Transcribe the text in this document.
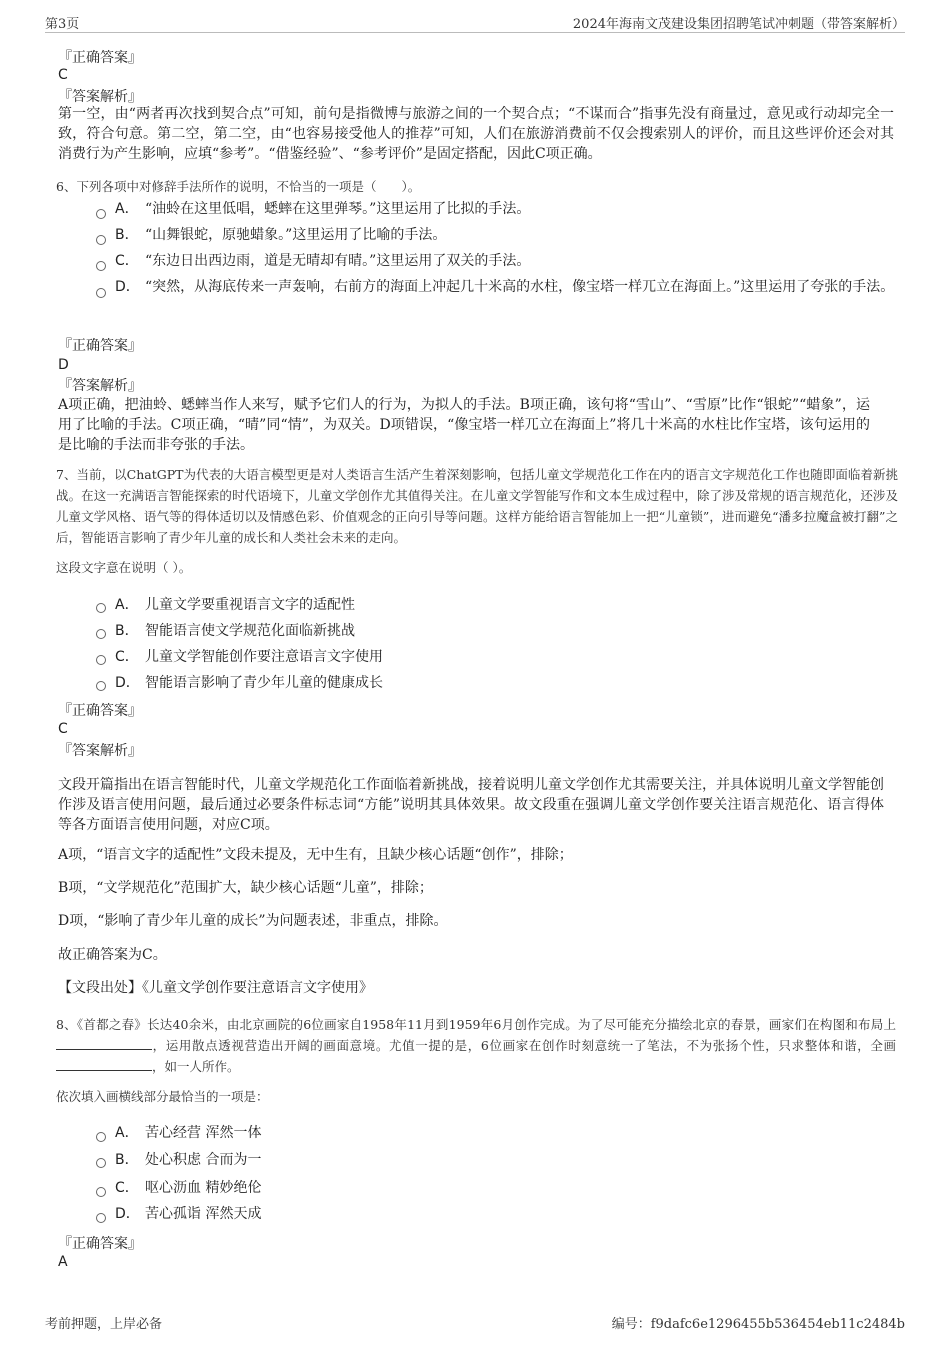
第3页	2024年海南文茂建设集团招聘笔试冲刺题（带答案解析）
『正确答案』
C
『答案解析』
第一空，由“两者再次找到契合点”可知，前句是指微博与旅游之间的一个契合点；“不谋而合”指事先没有商量过，意见或行动却完全一致，符合句意。第二空，第二空，由“也容易接受他人的推荐”可知，人们在旅游消费前不仅会搜索别人的评价，而且这些评价还会对其消费行为产生影响，应填“参考”。“借鉴经验”、“参考评价”是固定搭配，因此C项正确。
6、下列各项中对修辞手法所作的说明，不恰当的一项是（　　）。
A． “油蛉在这里低唱，蟋蟀在这里弹琴。”这里运用了比拟的手法。
B． “山舞银蛇，原驰蜡象。”这里运用了比喻的手法。
C． “东边日出西边雨，道是无晴却有晴。”这里运用了双关的手法。
D． “突然，从海底传来一声轰响，右前方的海面上冲起几十米高的水柱，像宝塔一样兀立在海面上。”这里运用了夸张的手法。
『正确答案』
D
『答案解析』
A项正确，把油蛉、蟋蟀当作人来写，赋予它们人的行为，为拟人的手法。B项正确，该句将“雪山”、“雪原”比作“银蛇”“蜡象”，运用了比喻的手法。C项正确，“晴”同“情”，为双关。D项错误，“像宝塔一样兀立在海面上”将几十米高的水柱比作宝塔，该句运用的是比喻的手法而非夸张的手法。
7、当前，以ChatGPT为代表的大语言模型更是对人类语言生活产生着深刻影响，包括儿童文学规范化工作在内的语言文字规范化工作也随即面临着新挑战。在这一充满语言智能探索的时代语境下，儿童文学创作尤其值得关注。在儿童文学智能写作和文本生成过程中，除了涉及常规的语言规范化，还涉及儿童文学风格、语气等的得体适切以及情感色彩、价值观念的正向引导等问题。这样方能给语言智能加上一把“儿童锁”，进而避免“潘多拉魔盒被打翻”之后，智能语言影响了青少年儿童的成长和人类社会未来的走向。
这段文字意在说明（ ）。
A． 儿童文学要重视语言文字的适配性
B． 智能语言使文学规范化面临新挑战
C． 儿童文学智能创作要注意语言文字使用
D． 智能语言影响了青少年儿童的健康成长
『正确答案』
C
『答案解析』
文段开篇指出在语言智能时代，儿童文学规范化工作面临着新挑战，接着说明儿童文学创作尤其需要关注，并具体说明儿童文学智能创作涉及语言使用问题，最后通过必要条件标志词“方能”说明其具体效果。故文段重在强调儿童文学创作要关注语言规范化、语言得体等各方面语言使用问题，对应C项。
A项，“语言文字的适配性”文段未提及，无中生有，且缺少核心话题“创作”，排除；
B项，“文学规范化”范围扩大，缺少核心话题“儿童”，排除；
D项，“影响了青少年儿童的成长”为问题表述，非重点，排除。
故正确答案为C。
【文段出处】《儿童文学创作要注意语言文字使用》
8、《首都之春》长达40余米，由北京画院的6位画家自1958年11月到1959年6月创作完成。为了尽可能充分描绘北京的春景，画家们在构图和布局上 ，运用散点透视营造出开阔的画面意境。尤值一提的是，6位画家在创作时刻意统一了笔法，不为张扬个性，只求整体和谐，全画 ，如一人所作。
依次填入画横线部分最恰当的一项是：
A． 苦心经营 浑然一体
B． 处心积虑 合而为一
C． 呕心沥血 精妙绝伦
D． 苦心孤诣 浑然天成
『正确答案』
A
考前押题，上岸必备	编号：f9dafc6e1296455b536454eb11c2484b
